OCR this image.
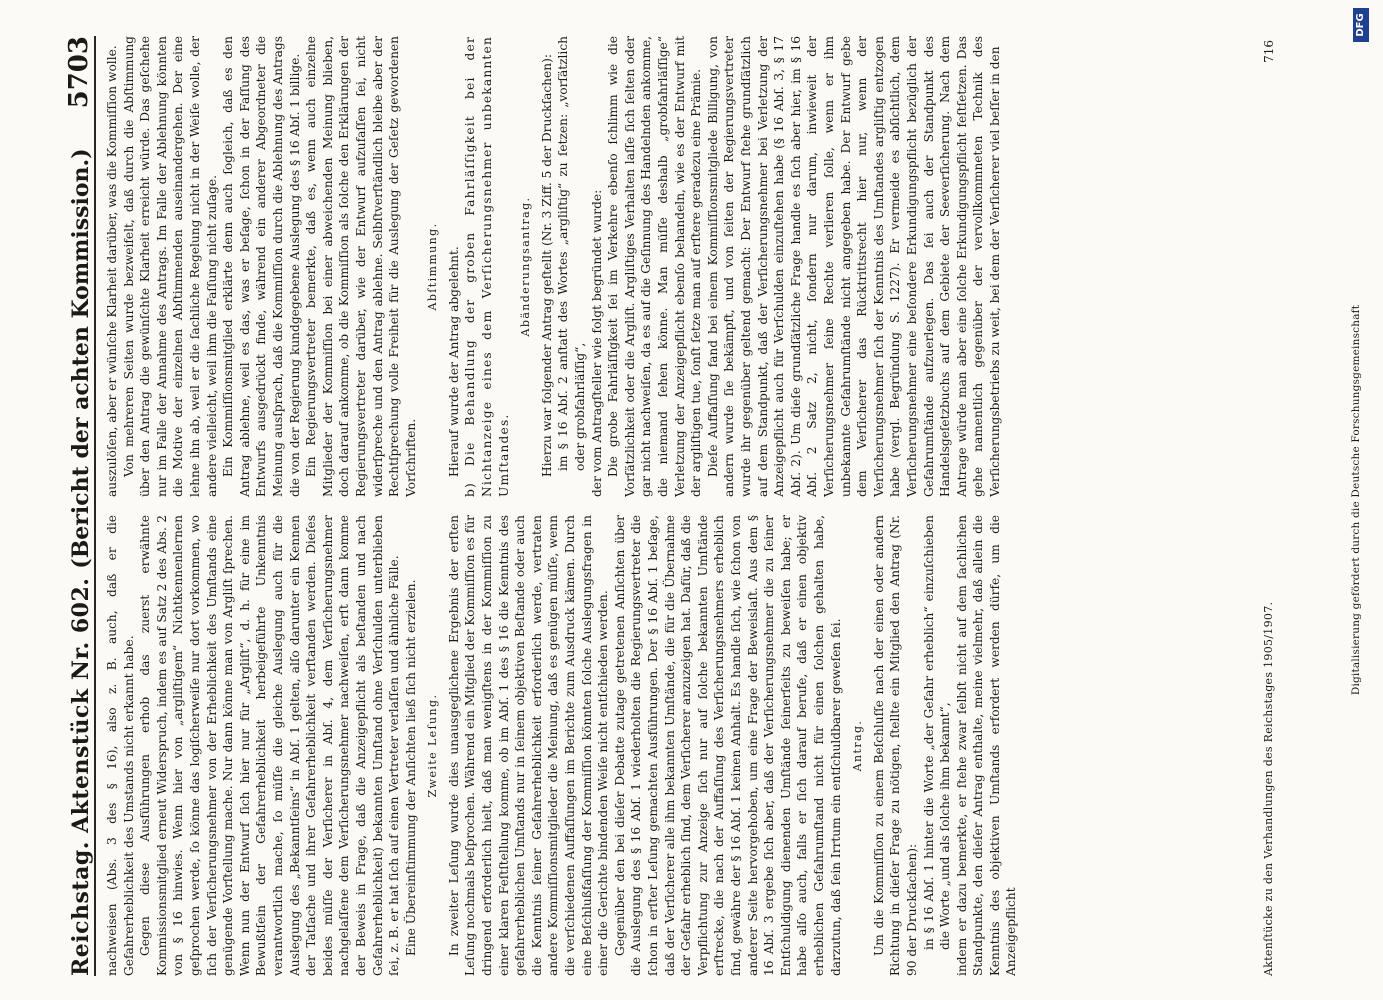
Reichstag. Aktenstück Nr. 602.
(Bericht der achten Kommission.)
5703

nachweisen (Abs. 3 des § 16), also z. B. auch, daß er die Gefahrerheblichkeit des Umstands nicht erkannt habe. Gegen diese Ausführungen erhob das zuerst erwähnte Kommissionsmitglied erneut Widerspruch, indem es auf Satz 2 des Abs. 2 von § 16 hinwies. Wenn hier von „argliſtigem“ Nichtkennenlernen geſprochen werde, ſo könne das logiſcherweiſe nur dort vorkommen, wo ſich der Verſicherungsnehmer von der Erheblichkeit des Umſtands eine genügende Vorſtellung mache. Nur dann könne man von Argliſt ſprechen. Wenn nun der Entwurf ſich hier nur für „Argliſt“, d. h. für eine im Bewußtſein der Gefahrerheblichkeit herbeigeführte Unkenntnis verantwortlich mache, ſo müſſe die gleiche Auslegung auch für die Auslegung des „Bekanntſeins“ in Abſ. 1 gelten, alſo darunter ein Kennen der Tatſache und ihrer Gefahrerheblichkeit verſtanden werden. Dieſes beides müſſe der Verſicherer in Abſ. 4, dem Verſicherungsnehmer nachgelaſſene dem Verſicherungsnehmer nachweiſen, erſt dann komme der Beweis in Frage, daß die Anzeigepflicht als beſtanden und nach Gefahrerheblichkeit) bekannten Umſtand ohne Verſchulden unterblieben ſei, z. B. er hat ſich auf einen Vertreter verlaſſen und ähnliche Fälle. Eine Übereinſtimmung der Anſichten ließ ſich nicht erzielen. Zweite Leſung. In zweiter Leſung wurde dies unausgeglichene Ergebnis der erſten Leſung nochmals beſprochen. Während ein Mitglied der Kommiſſion es für dringend erforderlich hielt, daß man wenigſtens in der Kommiſſion zu einer klaren Feſtſtellung komme, ob im Abſ. 1 des § 16 die Kenntnis des gefahrerheblichen Umſtands nur in ſeinem objektiven Beſtande oder auch die Kenntnis ſeiner Gefahrerheblichkeit erforderlich werde, vertraten andere Kommiſſionsmitglieder die Meinung, daß es genügen müſſe, wenn die verſchiedenen Auffaſſungen im Berichte zum Ausdruck kämen. Durch eine Beſchlußfaſſung der Kommiſſion könnten ſolche Auslegungsfragen in einer die Gerichte bindenden Weiſe nicht entſchieden werden. Gegenüber den bei dieſer Debatte zutage getretenen Anſichten über die Auslegung des § 16 Abſ. 1 wiederholten die Regierungsvertreter die ſchon in erſter Leſung gemachten Ausführungen. Der § 16 Abſ. 1 beſage, daß der Verſicherer alle ihm bekannten Umſtände, die für die Übernahme der Gefahr erheblich ſind, dem Verſicherer anzuzeigen hat. Dafür, daß die Verpflichtung zur Anzeige ſich nur auf ſolche bekannten Umſtände erſtrecke, die nach der Auffaſſung des Verſicherungsnehmers erheblich ſind, gewähre der § 16 Abſ. 1 keinen Anhalt. Es handle ſich, wie ſchon von anderer Seite hervorgehoben, um eine Frage der Beweislaſt. Aus dem § 16 Abſ. 3 ergebe ſich aber, daß der Verſicherungsnehmer die zu ſeiner Entſchuldigung dienenden Umſtände ſeinerſeits zu beweiſen habe; er habe alſo auch, falls er ſich darauf berufe, daß er einen objektiv erheblichen Gefahrumſtand nicht für einen ſolchen gehalten habe, darzutun, daß ſein Irrtum ein entſchuldbarer geweſen ſei. Antrag. Um die Kommiſſion zu einem Beſchluſſe nach der einen oder andern Richtung in dieſer Frage zu nötigen, ſtellte ein Mitglied den Antrag (Nr. 90 der Druckſachen): in § 16 Abſ. 1 hinter die Worte „der Gefahr erheblich“ einzuſchieben die Worte „und als ſolche ihm bekannt“, indem er dazu bemerkte, er ſtehe zwar ſelbſt nicht auf dem ſachlichen Standpunkte, den dieſer Antrag enthalte, meine vielmehr, daß allein die Kenntnis des objektiven Umſtands erfordert werden dürfe, um die Anzeigepflicht

auszulöſen, aber er wünſche Klarheit darüber, was die Kommiſſion wolle. Von mehreren Seiten wurde bezweifelt, daß durch die Abſtimmung über den Antrag die gewünſchte Klarheit erreicht würde. Das geſchehe nur im Falle der Annahme des Antrags. Im Falle der Ablehnung könnten die Motive der einzelnen Abſtimmenden auseinandergehen. Der eine lehne ihn ab, weil er die ſachliche Regelung nicht in der Weiſe wolle, der andere vielleicht, weil ihm die Faſſung nicht zuſage. Ein Kommiſſionsmitglied erklärte denn auch ſogleich, daß es den Antrag ablehne, weil es das, was er beſage, ſchon in der Faſſung des Entwurfs ausgedrückt finde, während ein anderer Abgeordneter die Meinung ausſprach, daß die Kommiſſion durch die Ablehnung des Antrags die von der Regierung kundgegebene Auslegung des § 16 Abſ. 1 billige. Ein Regierungsvertreter bemerkte, daß es, wenn auch einzelne Mitglieder der Kommiſſion bei einer abweichenden Meinung blieben, doch darauf ankomme, ob die Kommiſſion als ſolche den Erklärungen der Regierungsvertreter darüber, wie der Entwurf aufzufaſſen ſei, nicht widerſpreche und den Antrag ablehne. Selbſtverſtändlich bleibe aber der Rechtſprechung volle Freiheit für die Auslegung der Geſetz gewordenen Vorſchriften.

Abſtimmung. Hierauf wurde der Antrag abgelehnt. b) Die Behandlung der groben Fahrläſſigkeit bei der Nichtanzeige eines dem Verſicherungsnehmer unbekannten Umſtandes.

Abänderungsantrag. Hierzu war folgender Antrag geſtellt (Nr. 3 Ziff. 5 der Druckſachen): im § 16 Abſ. 2 anſtatt des Wortes „argliſtig“ zu ſetzen: „vorſätzlich oder grobfahrläſſig“, der vom Antragſteller wie folgt begründet wurde: Die grobe Fahrläſſigkeit ſei im Verkehre ebenſo ſchlimm wie die Vorſätzlichkeit oder die Argliſt. Argliſtiges Verhalten laſſe ſich ſelten oder gar nicht nachweiſen, da es auf die Geſinnung des Handelnden ankomme, die niemand ſehen könne. Man müſſe deshalb „grobfahrläſſige“ Verletzung der Anzeigepflicht ebenſo behandeln, wie es der Entwurf mit der argliſtigen tue, ſonſt ſetze man auf erſtere geradezu eine Prämie. Dieſe Auffaſſung fand bei einem Kommiſſionsmitgliede Billigung, von andern wurde ſie bekämpft, und von ſeiten der Regierungsvertreter wurde ihr gegenüber geltend gemacht: Der Entwurf ſtehe grundſätzlich auf dem Standpunkt, daß der Verſicherungsnehmer bei Verletzung der Anzeigepflicht auch für Verſchulden einzuſtehen habe (§ 16 Abſ. 3, § 17 Abſ. 2). Um dieſe grundſätzliche Frage handle es ſich aber hier, im § 16 Abſ. 2 Satz 2, nicht, ſondern nur darum, inwieweit der Verſicherungsnehmer ſeine Rechte verlieren ſolle, wenn er ihm unbekannte Gefahrumſtände nicht angegeben habe. Der Entwurf gebe dem Verſicherer das Rücktrittsrecht hier nur, wenn der Verſicherungsnehmer ſich der Kenntnis des Umſtandes argliſtig entzogen habe (vergl. Begründung S. 1227). Er vermeide es abſichtlich, dem Verſicherungsnehmer eine beſondere Erkundigungspflicht bezüglich der Gefahrumſtände aufzuerlegen. Das ſei auch der Standpunkt des Handelsgeſetzbuchs auf dem Gebiete der Seeverſicherung. Nach dem Antrage würde man aber eine ſolche Erkundigungspflicht feſtſetzen. Das gehe namentlich gegenüber der vervollkommneten Technik des Verſicherungsbetriebs zu weit, bei dem der Verſicherer viel beſſer in den

Aktenſtücke zu den Verhandlungen des Reichstages 1905/1907.
716
Digitalisierung gefördert durch die Deutsche Forschungsgemeinschaft
DFG
